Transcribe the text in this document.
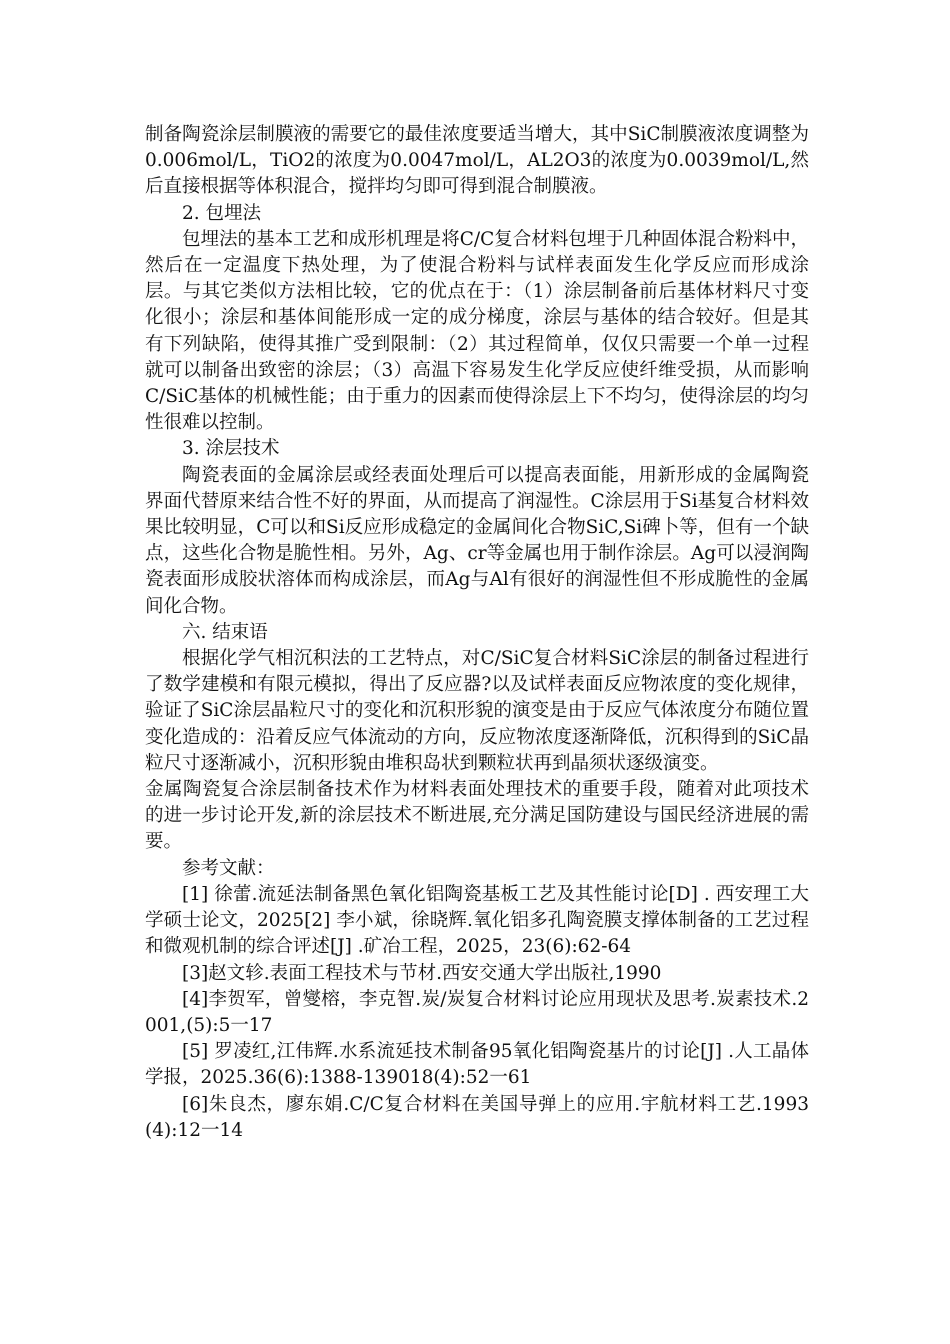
制备陶瓷涂层制膜液的需要它的最佳浓度要适当增大，其中SiC制膜液浓度调整为0.006mol/L，TiO2的浓度为0.0047mol/L，AL2O3的浓度为0.0039mol/L,然后直接根据等体积混合，搅拌均匀即可得到混合制膜液。

2. 包埋法

包埋法的基本工艺和成形机理是将C/C复合材料包埋于几种固体混合粉料中，然后在一定温度下热处理，为了使混合粉料与试样表面发生化学反应而形成涂层。与其它类似方法相比较，它的优点在于：（1）涂层制备前后基体材料尺寸变化很小；涂层和基体间能形成一定的成分梯度，涂层与基体的结合较好。但是其有下列缺陷，使得其推广受到限制：（2）其过程简单，仅仅只需要一个单一过程就可以制备出致密的涂层；（3）高温下容易发生化学反应使纤维受损，从而影响C/SiC基体的机械性能；由于重力的因素而使得涂层上下不均匀，使得涂层的均匀性很难以控制。

3. 涂层技术

陶瓷表面的金属涂层或经表面处理后可以提高表面能，用新形成的金属陶瓷界面代替原来结合性不好的界面，从而提高了润湿性。C涂层用于Si基复合材料效果比较明显，C可以和Si反应形成稳定的金属间化合物SiC,Si碑卜等，但有一个缺点，这些化合物是脆性相。另外，Ag、cr等金属也用于制作涂层。Ag可以浸润陶瓷表面形成胶状溶体而构成涂层，而Ag与Al有很好的润湿性但不形成脆性的金属间化合物。

六. 结束语

根据化学气相沉积法的工艺特点，对C/SiC复合材料SiC涂层的制备过程进行了数学建模和有限元模拟，得出了反应器?以及试样表面反应物浓度的变化规律，验证了SiC涂层晶粒尺寸的变化和沉积形貌的演变是由于反应气体浓度分布随位置变化造成的：沿着反应气体流动的方向，反应物浓度逐渐降低，沉积得到的SiC晶粒尺寸逐渐减小，沉积形貌由堆积岛状到颗粒状再到晶须状逐级演变。

金属陶瓷复合涂层制备技术作为材料表面处理技术的重要手段，随着对此项技术的进一步讨论开发,新的涂层技术不断进展,充分满足国防建设与国民经济进展的需要。

参考文献：

[1] 徐蕾.流延法制备黑色氧化铝陶瓷基板工艺及其性能讨论[D] . 西安理工大学硕士论文，2025[2] 李小斌，徐晓辉.氧化铝多孔陶瓷膜支撑体制备的工艺过程和微观机制的综合评述[J] .矿冶工程，2025，23(6):62-64

[3]赵文轸.表面工程技术与节材.西安交通大学出版社,1990

[4]李贺军，曾燮榕，李克智.炭/炭复合材料讨论应用现状及思考.炭素技术.2001,(5):5一17

[5] 罗凌红,江伟辉.水系流延技术制备95氧化铝陶瓷基片的讨论[J] .人工晶体学报，2025.36(6):1388-139018(4):52一61

[6]朱良杰，廖东娟.C/C复合材料在美国导弹上的应用.宇航材料工艺.1993(4):12一14
